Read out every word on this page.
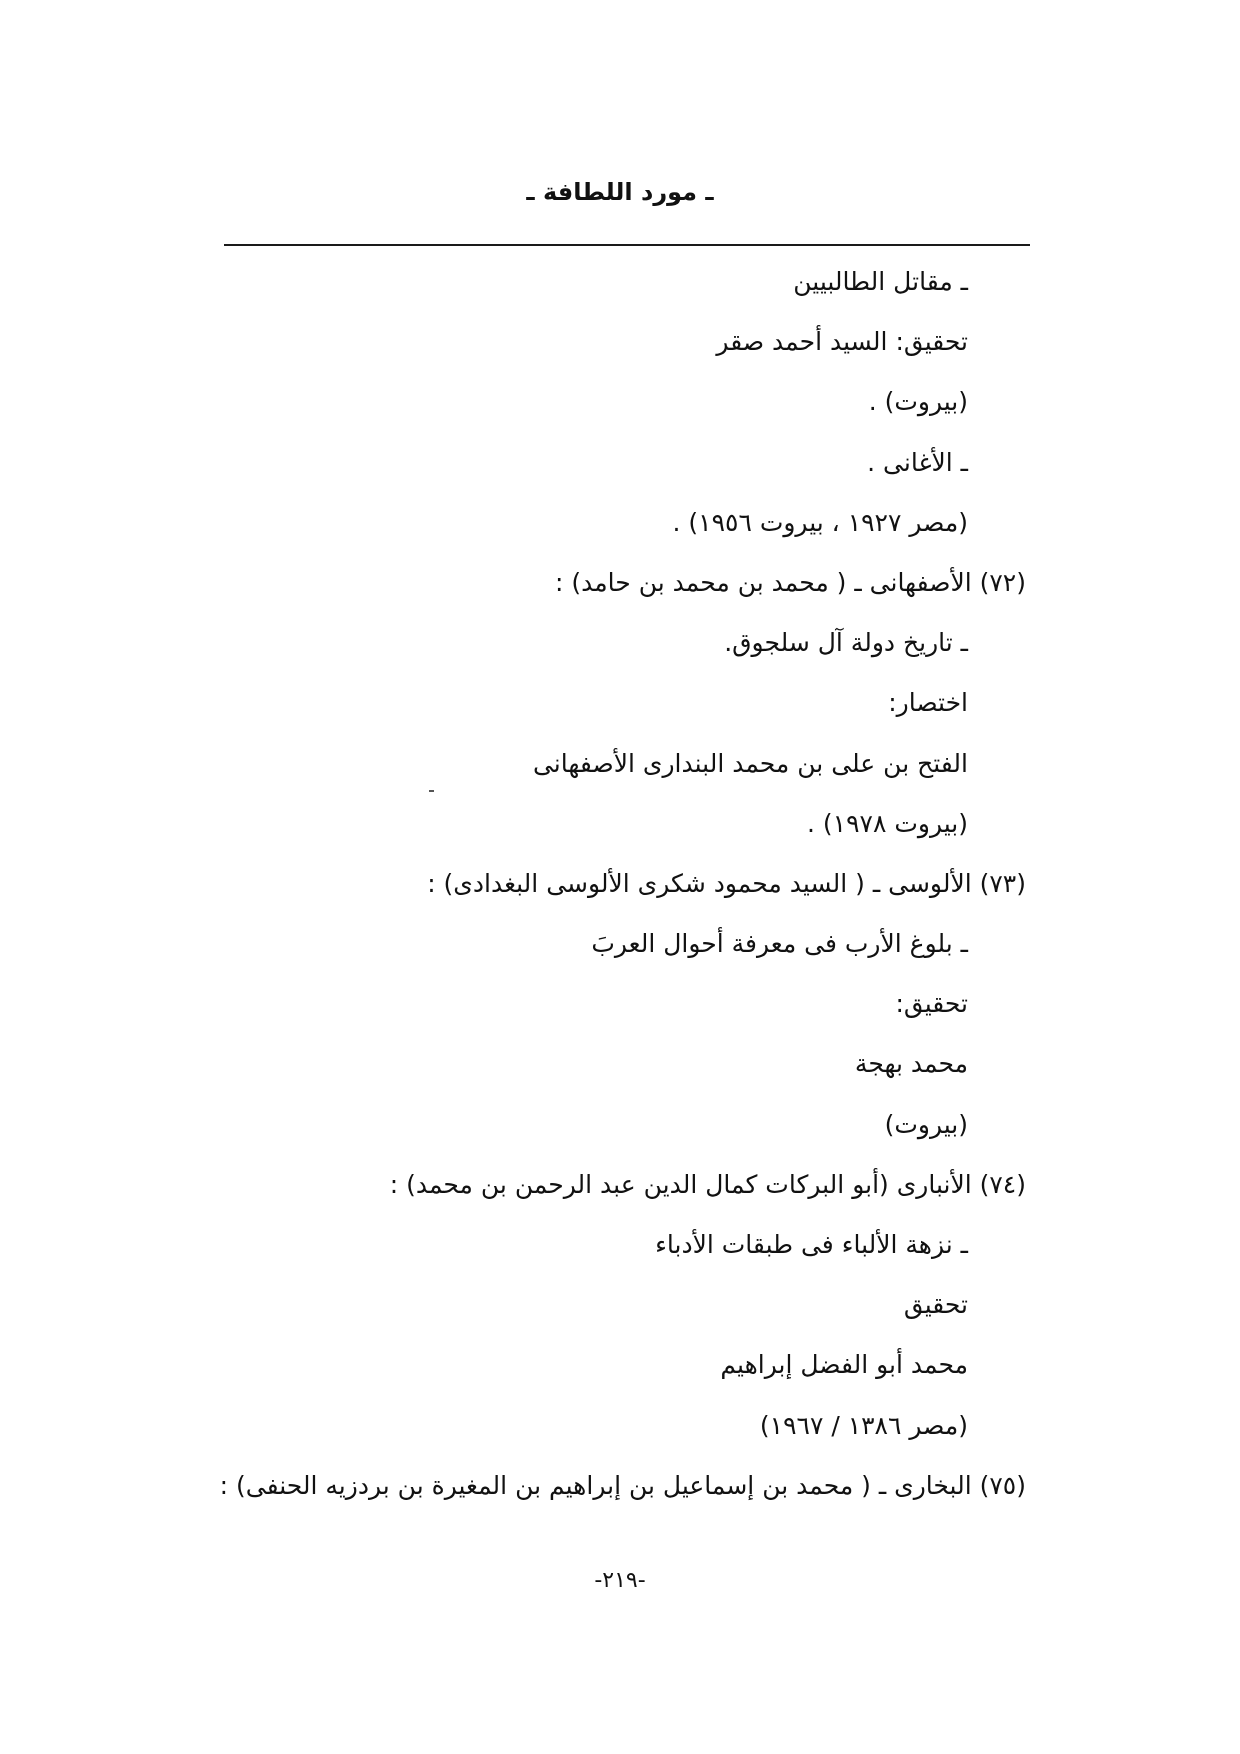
ـ مورد اللطافة ـ
ـ مقاتل الطالبيين
تحقيق: السيد أحمد صقر
(بيروت) .
ـ الأغانى .
(مصر ١٩٢٧ ، بيروت ١٩٥٦) .
(٧٢) الأصفهانى ـ ( محمد بن محمد بن حامد) :
ـ تاريخ دولة آل سلجوق.
اختصار:
الفتح بن على بن محمد البندارى الأصفهانى
(بيروت ١٩٧٨) .
(٧٣) الألوسى ـ ( السيد محمود شكرى الألوسى البغدادى) :
ـ بلوغ الأرب فى معرفة أحوال العربَ
تحقيق:
محمد بهجة
(بيروت)
(٧٤) الأنبارى (أبو البركات كمال الدين عبد الرحمن بن محمد) :
ـ نزهة الألباء فى طبقات الأدباء
تحقيق
محمد أبو الفضل إبراهيم
(مصر ١٣٨٦ / ١٩٦٧)
(٧٥) البخارى ـ ( محمد بن إسماعيل بن إبراهيم بن المغيرة بن بردزيه الحنفى) :
-٢١٩-
